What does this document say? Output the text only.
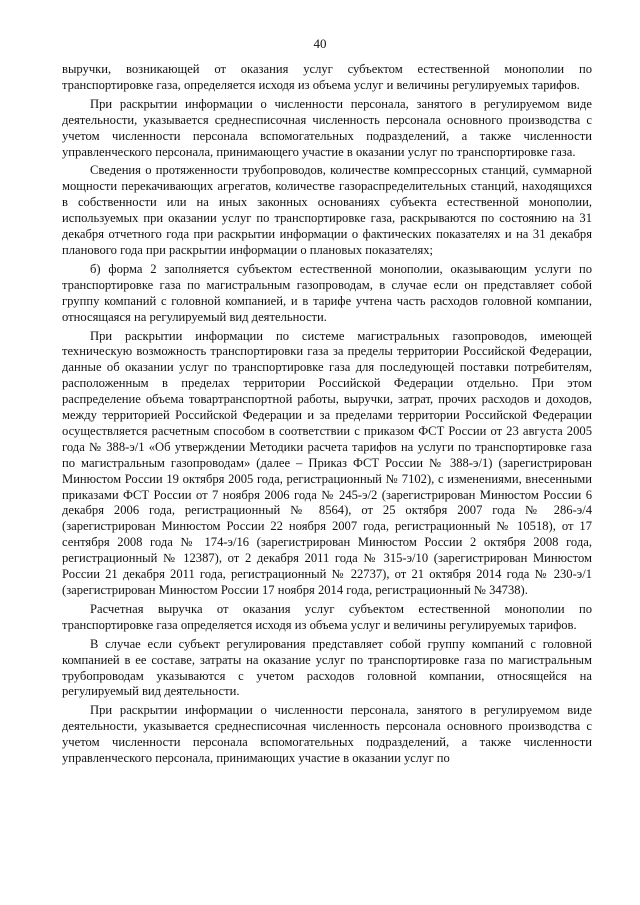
40

выручки, возникающей от оказания услуг субъектом естественной монополии по транспортировке газа, определяется исходя из объема услуг и величины регулируемых тарифов.

При раскрытии информации о численности персонала, занятого в регулируемом виде деятельности, указывается среднесписочная численность персонала основного производства с учетом численности персонала вспомогательных подразделений, а также численности управленческого персонала, принимающего участие в оказании услуг по транспортировке газа.

Сведения о протяженности трубопроводов, количестве компрессорных станций, суммарной мощности перекачивающих агрегатов, количестве газораспределительных станций, находящихся в собственности или на иных законных основаниях субъекта естественной монополии, используемых при оказании услуг по транспортировке газа, раскрываются по состоянию на 31 декабря отчетного года при раскрытии информации о фактических показателях и на 31 декабря планового года при раскрытии информации о плановых показателях;

б) форма 2 заполняется субъектом естественной монополии, оказывающим услуги по транспортировке газа по магистральным газопроводам, в случае если он представляет собой группу компаний с головной компанией, и в тарифе учтена часть расходов головной компании, относящаяся на регулируемый вид деятельности.

При раскрытии информации по системе магистральных газопроводов, имеющей техническую возможность транспортировки газа за пределы территории Российской Федерации, данные об оказании услуг по транспортировке газа для последующей поставки потребителям, расположенным в пределах территории Российской Федерации отдельно. При этом распределение объема товартранспортной работы, выручки, затрат, прочих расходов и доходов, между территорией Российской Федерации и за пределами территории Российской Федерации осуществляется расчетным способом в соответствии с приказом ФСТ России от 23 августа 2005 года № 388-э/1 «Об утверждении Методики расчета тарифов на услуги по транспортировке газа по магистральным газопроводам» (далее – Приказ ФСТ России № 388-э/1) (зарегистрирован Минюстом России 19 октября 2005 года, регистрационный № 7102), с изменениями, внесенными приказами ФСТ России от 7 ноября 2006 года № 245-э/2 (зарегистрирован Минюстом России 6 декабря 2006 года, регистрационный № 8564), от 25 октября 2007 года № 286-э/4 (зарегистрирован Минюстом России 22 ноября 2007 года, регистрационный № 10518), от 17 сентября 2008 года № 174-э/16 (зарегистрирован Минюстом России 2 октября 2008 года, регистрационный № 12387), от 2 декабря 2011 года № 315-э/10 (зарегистрирован Минюстом России 21 декабря 2011 года, регистрационный № 22737), от 21 октября 2014 года № 230-э/1 (зарегистрирован Минюстом России 17 ноября 2014 года, регистрационный № 34738).

Расчетная выручка от оказания услуг субъектом естественной монополии по транспортировке газа определяется исходя из объема услуг и величины регулируемых тарифов.

В случае если субъект регулирования представляет собой группу компаний с головной компанией в ее составе, затраты на оказание услуг по транспортировке газа по магистральным трубопроводам указываются с учетом расходов головной компании, относящейся на регулируемый вид деятельности.

При раскрытии информации о численности персонала, занятого в регулируемом виде деятельности, указывается среднесписочная численность персонала основного производства с учетом численности персонала вспомогательных подразделений, а также численности управленческого персонала, принимающих участие в оказании услуг по
